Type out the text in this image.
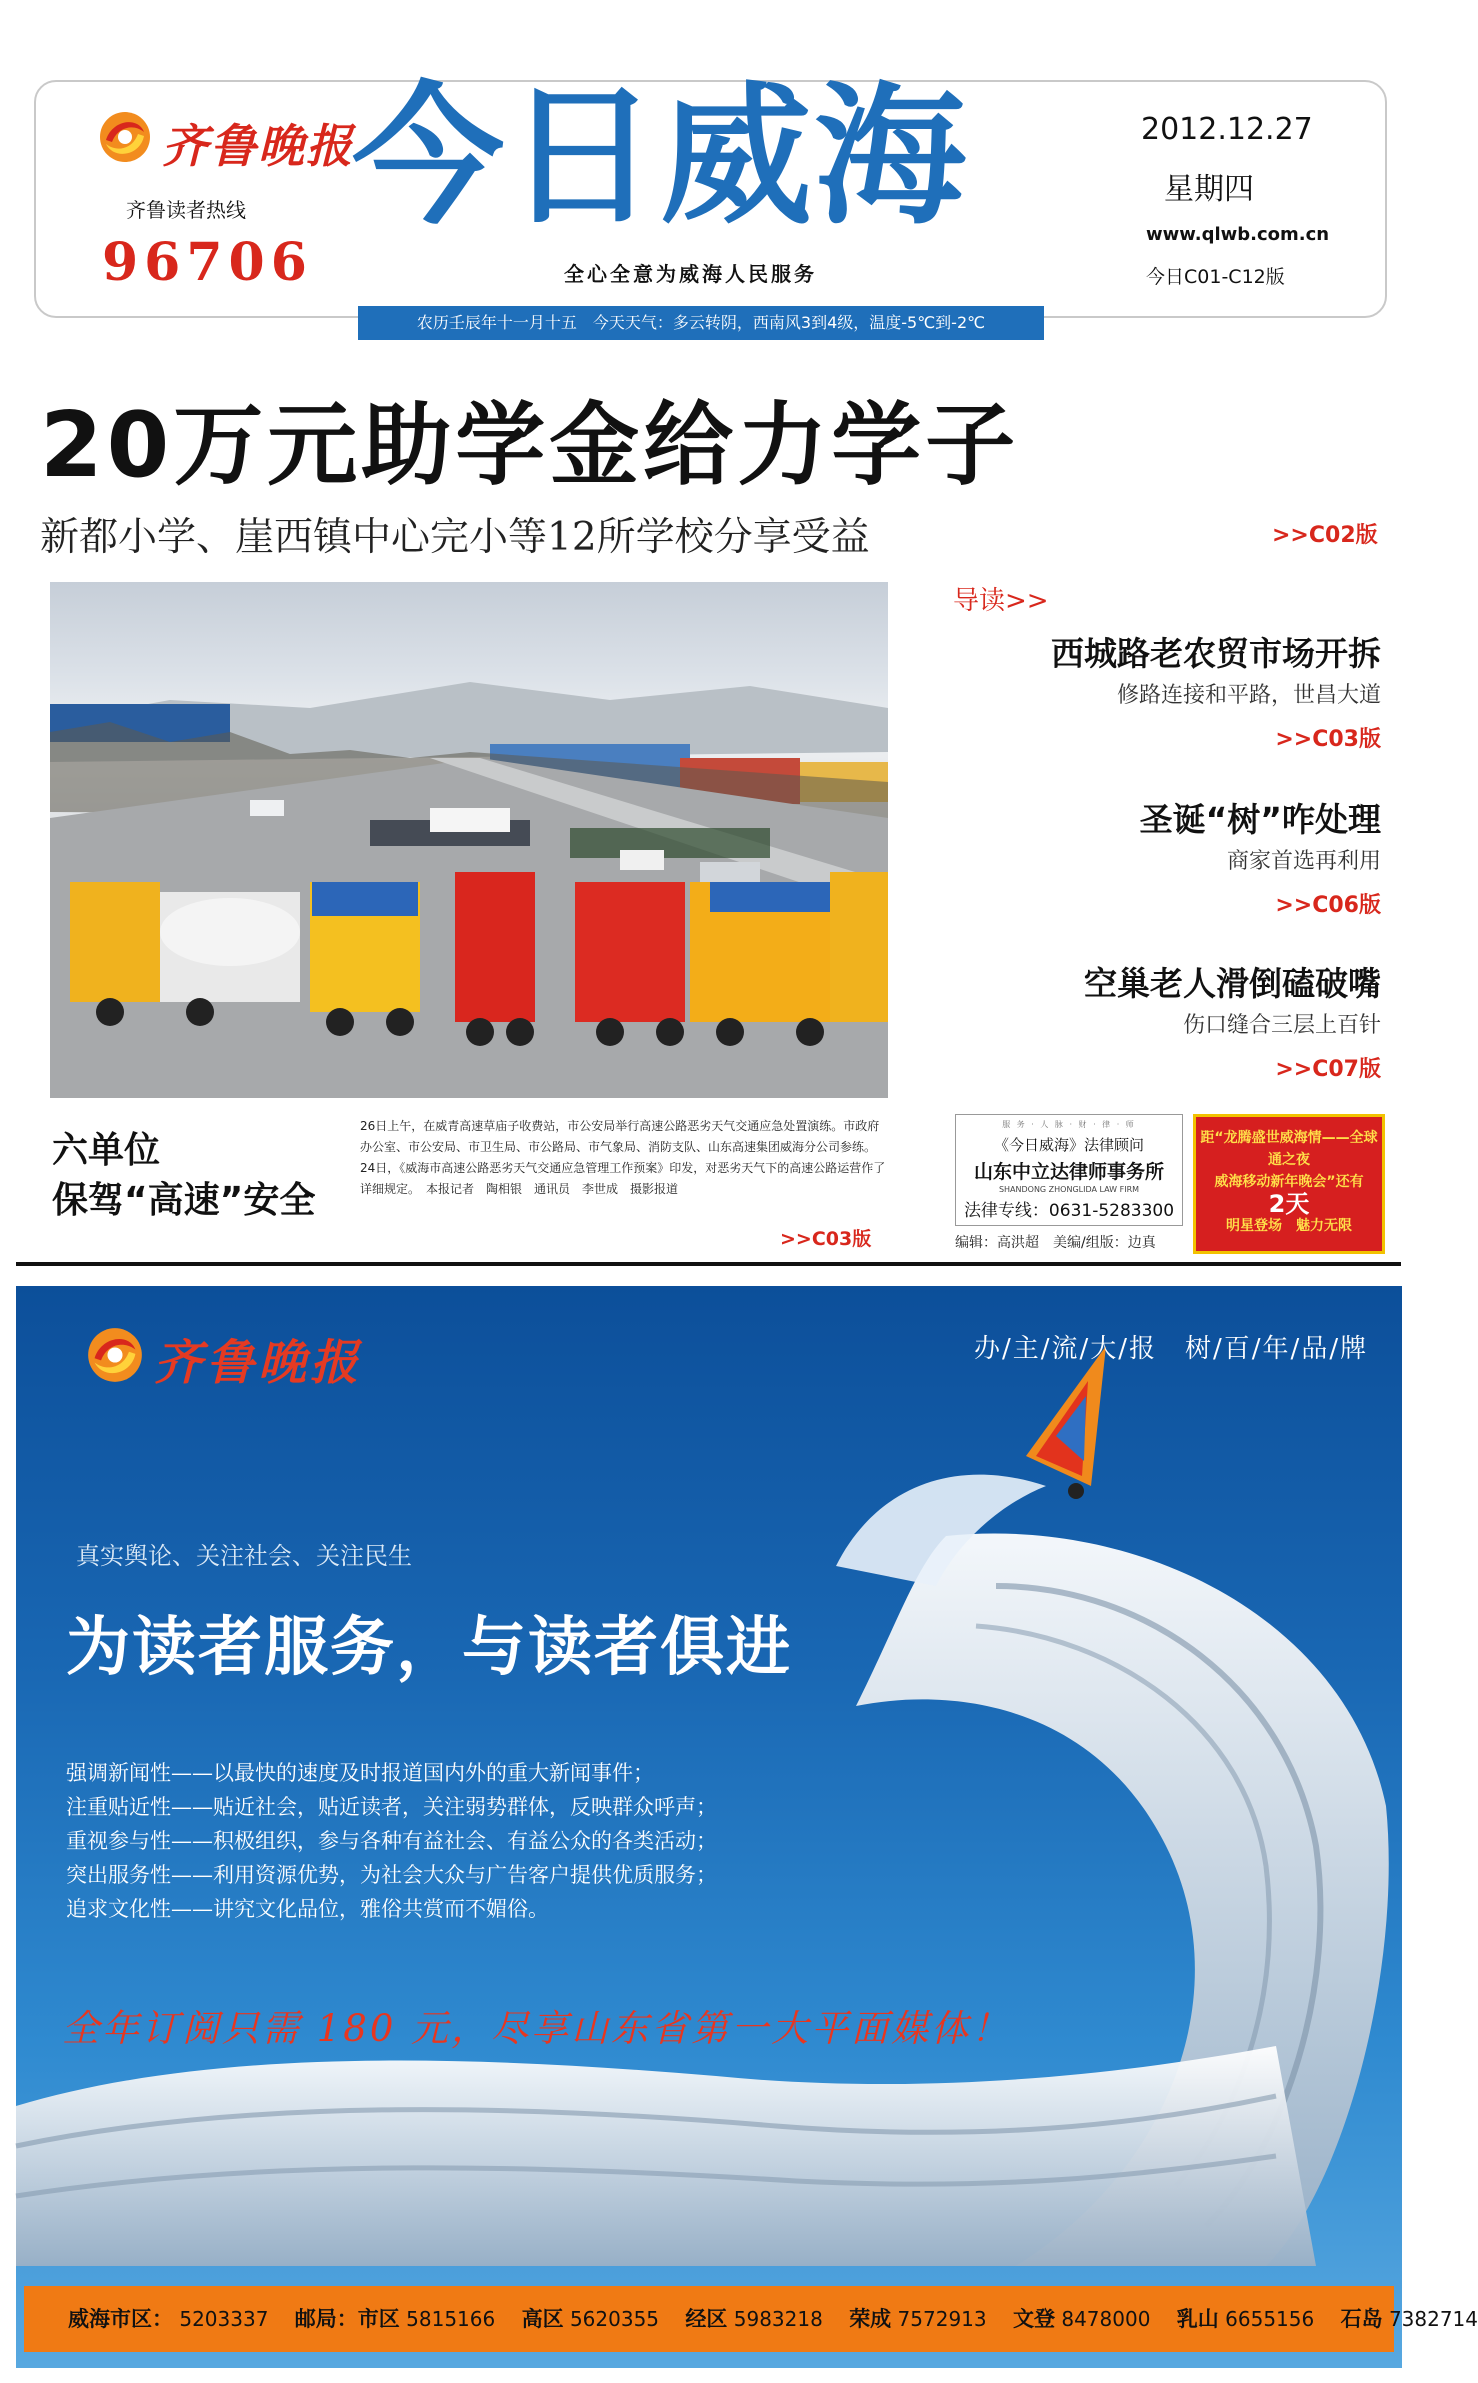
齐鲁晚报
齐鲁读者热线
96706
今日威海
全心全意为威海人民服务
2012.12.27
星期四
www.qlwb.com.cn
今日C01-C12版
农历壬辰年十一月十五　今天天气：多云转阴，西南风3到4级，温度-5℃到-2℃
20万元助学金给力学子
新都小学、崖西镇中心完小等12所学校分享受益	>>C02版
导读>>
西城路老农贸市场开拆
修路连接和平路，世昌大道
>>C03版
圣诞“树”咋处理
商家首选再利用
>>C06版
空巢老人滑倒磕破嘴
伤口缝合三层上百针
>>C07版
六单位
保驾“高速”安全
26日上午，在威青高速草庙子收费站，市公安局举行高速公路恶劣天气交通应急处置演练。市政府办公室、市公安局、市卫生局、市公路局、市气象局、消防支队、山东高速集团威海分公司参练。24日，《威海市高速公路恶劣天气交通应急管理工作预案》印发，对恶劣天气下的高速公路运营作了详细规定。　本报记者　陶相银　通讯员　李世成　摄影报道
>>C03版
服 务 · 人 脉 · 财 · 律 · 师
《今日威海》法律顾问
山东中立达律师事务所
SHANDONG ZHONGLIDA LAW FIRM
法律专线：0631-5283300
编辑：高洪超　美编/组版：边真
距“龙腾盛世威海情——全球通之夜
威海移动新年晚会”还有
2天
明星登场　魅力无限
齐鲁晚报	办/主/流/大/报　树/百/年/品/牌
真实舆论、关注社会、关注民生
为读者服务，与读者俱进
强调新闻性——以最快的速度及时报道国内外的重大新闻事件；
注重贴近性——贴近社会，贴近读者，关注弱势群体，反映群众呼声；
重视参与性——积极组织，参与各种有益社会、有益公众的各类活动；
突出服务性——利用资源优势，为社会大众与广告客户提供优质服务；
追求文化性——讲究文化品位，雅俗共赏而不媚俗。
全年订阅只需 180 元，尽享山东省第一大平面媒体！
威海市区： 5203337　 邮局：市区 5815166　 高区 5620355　 经区 5983218　 荣成 7572913　 文登 8478000　 乳山 6655156　 石岛 7382714
